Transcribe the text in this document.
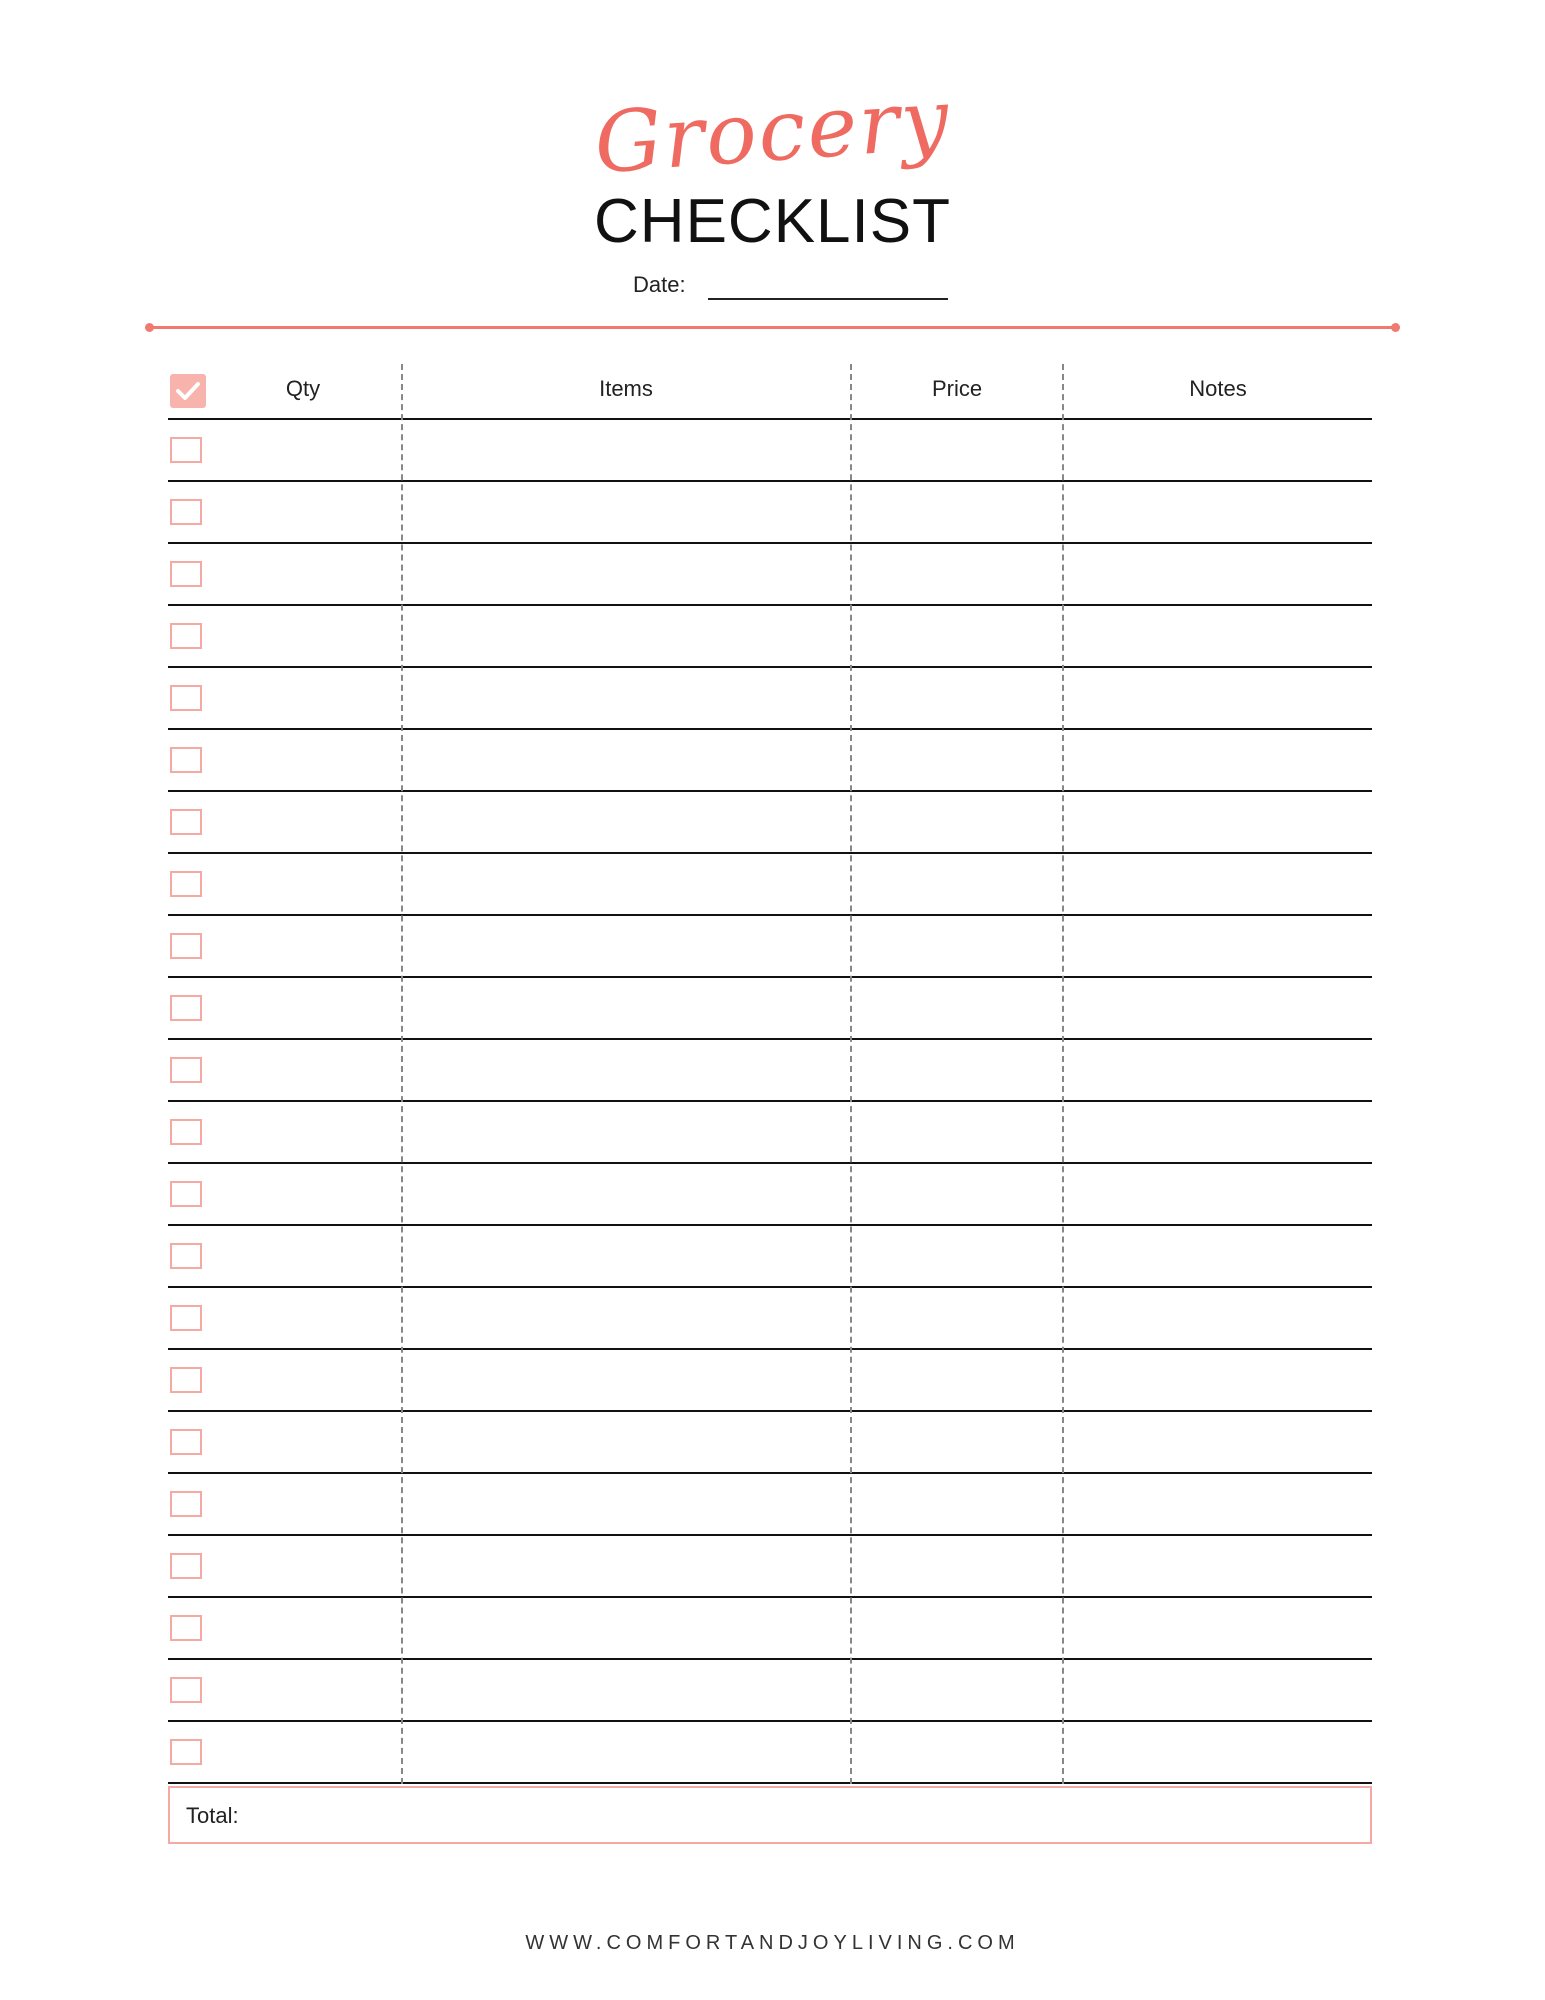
Grocery
CHECKLIST
Date:
Qty	Items	Price	Notes
Total:
WWW.COMFORTANDJOYLIVING.COM
